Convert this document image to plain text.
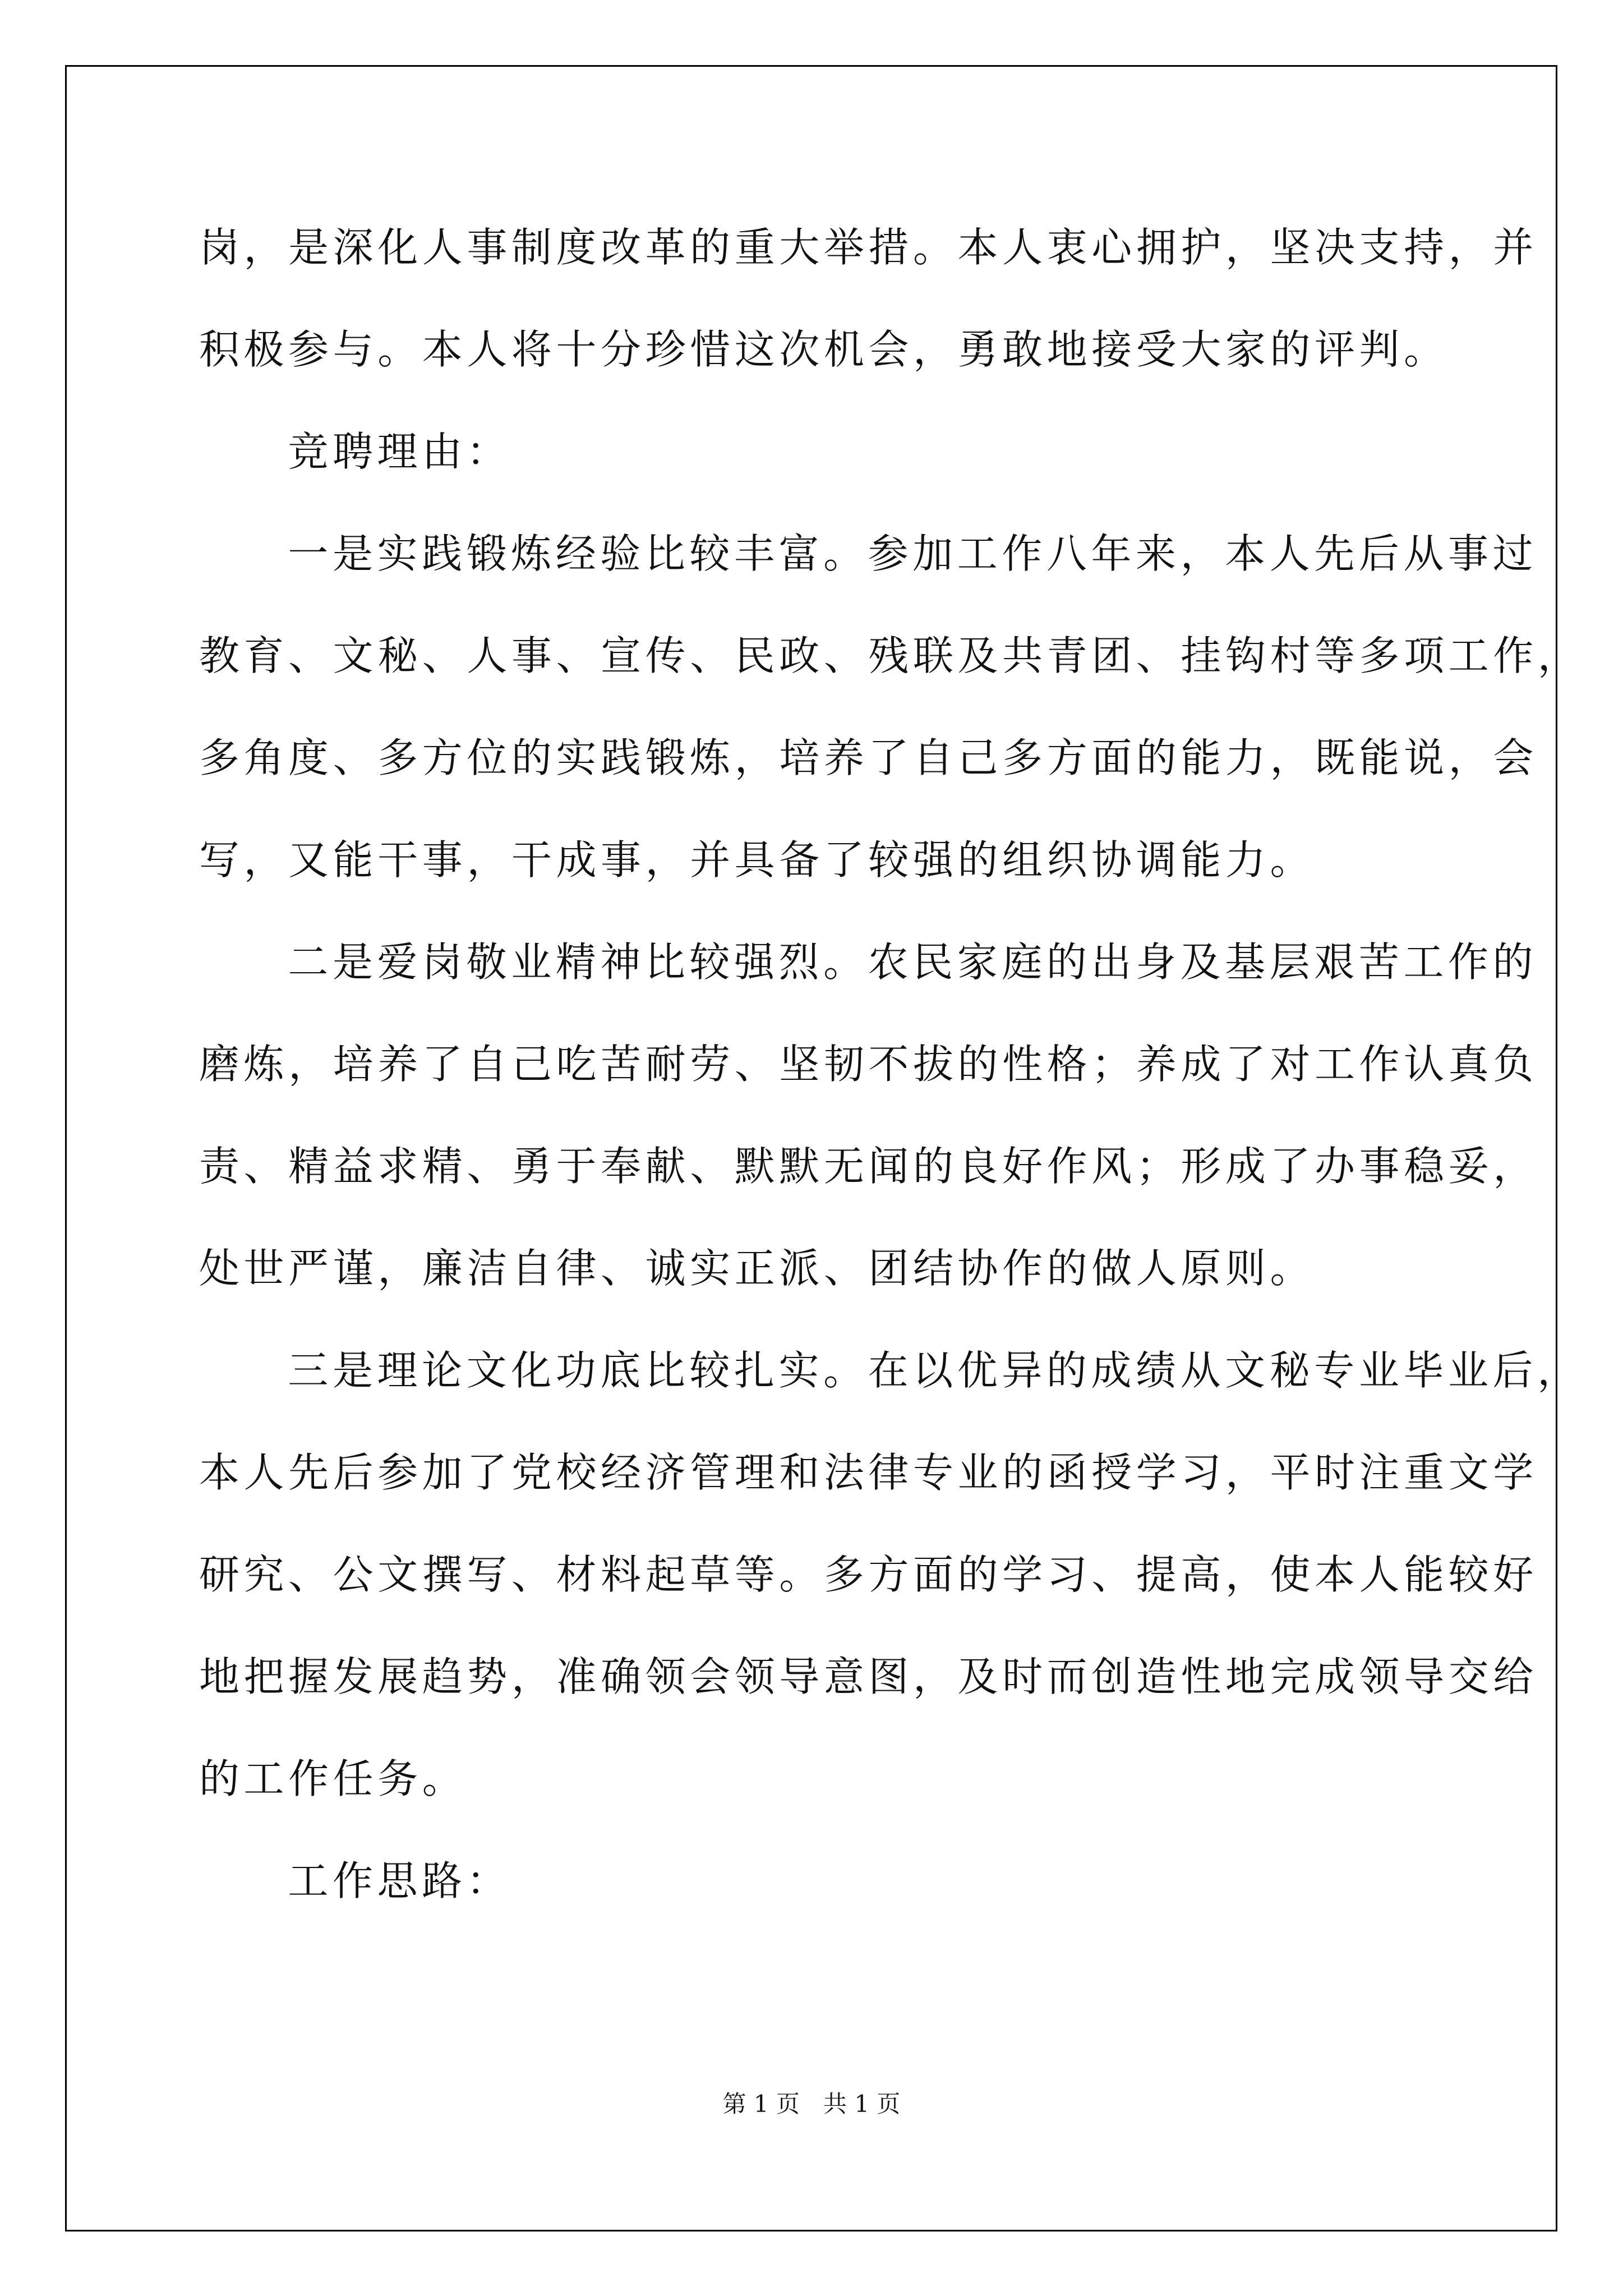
岗，是深化人事制度改革的重大举措。本人衷心拥护，坚决支持，并
积极参与。本人将十分珍惜这次机会，勇敢地接受大家的评判。
竞聘理由：
一是实践锻炼经验比较丰富。参加工作八年来，本人先后从事过
教育、文秘、人事、宣传、民政、残联及共青团、挂钩村等多项工作，
多角度、多方位的实践锻炼，培养了自己多方面的能力，既能说，会
写，又能干事，干成事，并具备了较强的组织协调能力。
二是爱岗敬业精神比较强烈。农民家庭的出身及基层艰苦工作的
磨炼，培养了自己吃苦耐劳、坚韧不拔的性格；养成了对工作认真负
责、精益求精、勇于奉献、默默无闻的良好作风；形成了办事稳妥，
处世严谨，廉洁自律、诚实正派、团结协作的做人原则。
三是理论文化功底比较扎实。在以优异的成绩从文秘专业毕业后，
本人先后参加了党校经济管理和法律专业的函授学习，平时注重文学
研究、公文撰写、材料起草等。多方面的学习、提高，使本人能较好
地把握发展趋势，准确领会领导意图，及时而创造性地完成领导交给
的工作任务。
工作思路：
第 1 页　共 1 页
